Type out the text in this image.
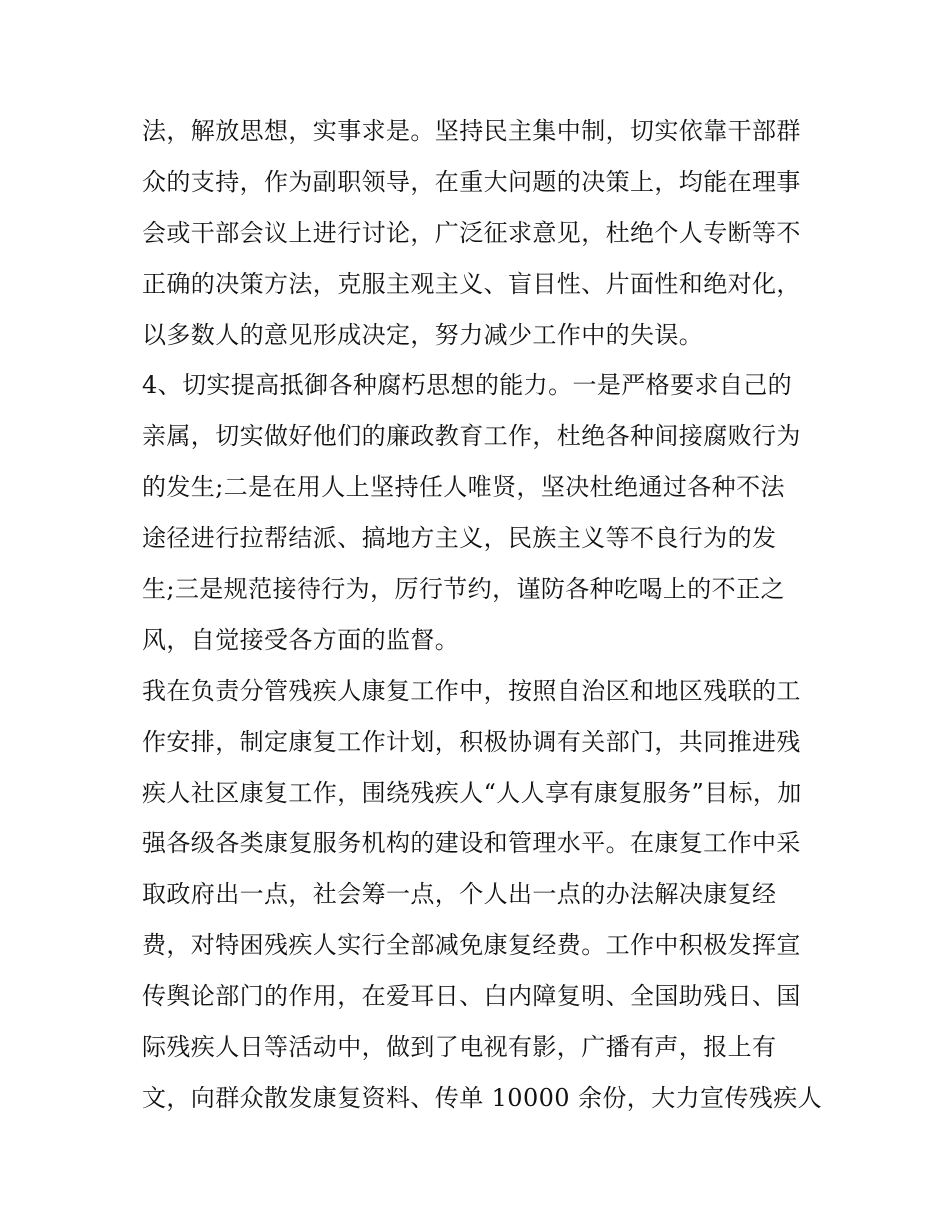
法，解放思想，实事求是。坚持民主集中制，切实依靠干部群
众的支持，作为副职领导，在重大问题的决策上，均能在理事
会或干部会议上进行讨论，广泛征求意见，杜绝个人专断等不
正确的决策方法，克服主观主义、盲目性、片面性和绝对化，
以多数人的意见形成决定，努力减少工作中的失误。
4、切实提高抵御各种腐朽思想的能力。一是严格要求自己的
亲属，切实做好他们的廉政教育工作，杜绝各种间接腐败行为
的发生;二是在用人上坚持任人唯贤，坚决杜绝通过各种不法
途径进行拉帮结派、搞地方主义，民族主义等不良行为的发
生;三是规范接待行为，厉行节约，谨防各种吃喝上的不正之
风，自觉接受各方面的监督。
我在负责分管残疾人康复工作中，按照自治区和地区残联的工
作安排，制定康复工作计划，积极协调有关部门，共同推进残
疾人社区康复工作，围绕残疾人“人人享有康复服务”目标，加
强各级各类康复服务机构的建设和管理水平。在康复工作中采
取政府出一点，社会筹一点，个人出一点的办法解决康复经
费，对特困残疾人实行全部减免康复经费。工作中积极发挥宣
传舆论部门的作用，在爱耳日、白内障复明、全国助残日、国
际残疾人日等活动中，做到了电视有影，广播有声，报上有
文，向群众散发康复资料、传单 10000 余份，大力宣传残疾人
